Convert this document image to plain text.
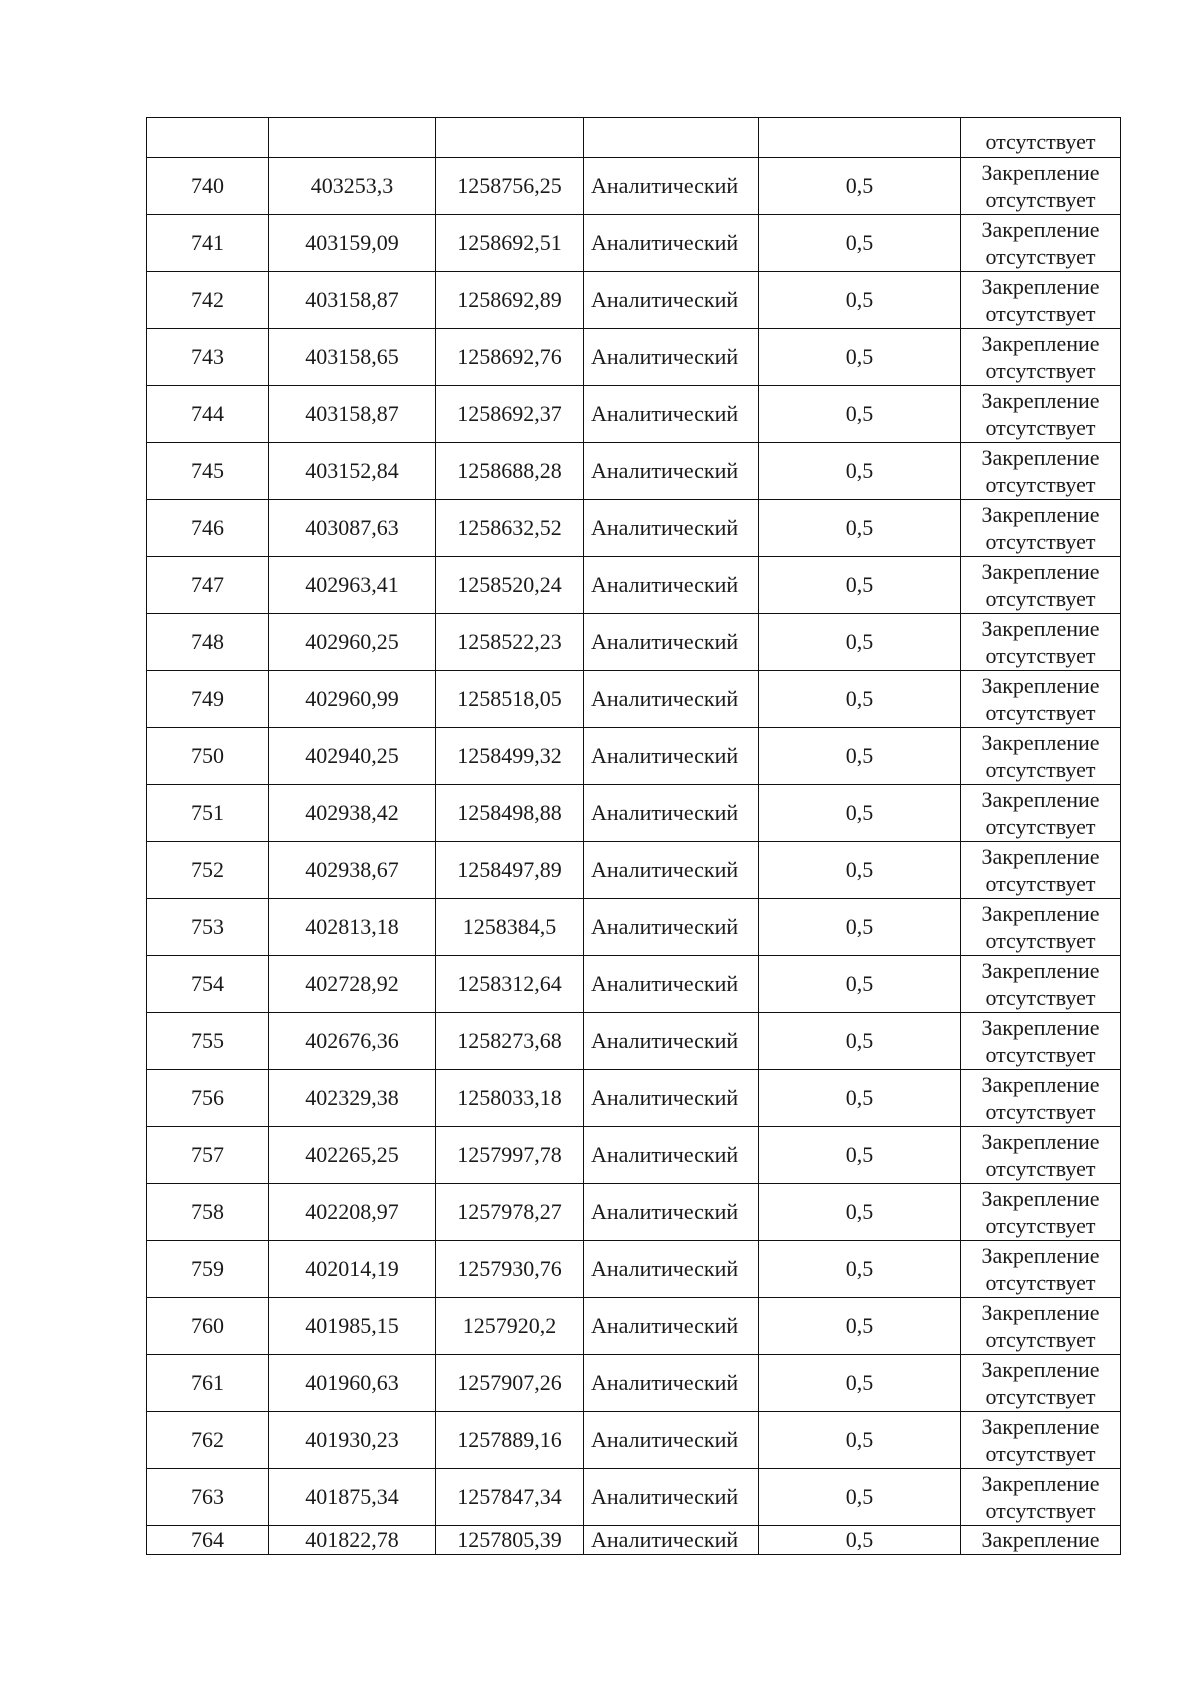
					отсутствует

740	403253,3	1258756,25	Аналитический	0,5	Закрепление
отсутствует

741	403159,09	1258692,51	Аналитический	0,5	Закрепление
отсутствует

742	403158,87	1258692,89	Аналитический	0,5	Закрепление
отсутствует

743	403158,65	1258692,76	Аналитический	0,5	Закрепление
отсутствует

744	403158,87	1258692,37	Аналитический	0,5	Закрепление
отсутствует

745	403152,84	1258688,28	Аналитический	0,5	Закрепление
отсутствует

746	403087,63	1258632,52	Аналитический	0,5	Закрепление
отсутствует

747	402963,41	1258520,24	Аналитический	0,5	Закрепление
отсутствует

748	402960,25	1258522,23	Аналитический	0,5	Закрепление
отсутствует

749	402960,99	1258518,05	Аналитический	0,5	Закрепление
отсутствует

750	402940,25	1258499,32	Аналитический	0,5	Закрепление
отсутствует

751	402938,42	1258498,88	Аналитический	0,5	Закрепление
отсутствует

752	402938,67	1258497,89	Аналитический	0,5	Закрепление
отсутствует

753	402813,18	1258384,5	Аналитический	0,5	Закрепление
отсутствует

754	402728,92	1258312,64	Аналитический	0,5	Закрепление
отсутствует

755	402676,36	1258273,68	Аналитический	0,5	Закрепление
отсутствует

756	402329,38	1258033,18	Аналитический	0,5	Закрепление
отсутствует

757	402265,25	1257997,78	Аналитический	0,5	Закрепление
отсутствует

758	402208,97	1257978,27	Аналитический	0,5	Закрепление
отсутствует

759	402014,19	1257930,76	Аналитический	0,5	Закрепление
отсутствует

760	401985,15	1257920,2	Аналитический	0,5	Закрепление
отсутствует

761	401960,63	1257907,26	Аналитический	0,5	Закрепление
отсутствует

762	401930,23	1257889,16	Аналитический	0,5	Закрепление
отсутствует

763	401875,34	1257847,34	Аналитический	0,5	Закрепление
отсутствует

764	401822,78	1257805,39	Аналитический	0,5	Закрепление
